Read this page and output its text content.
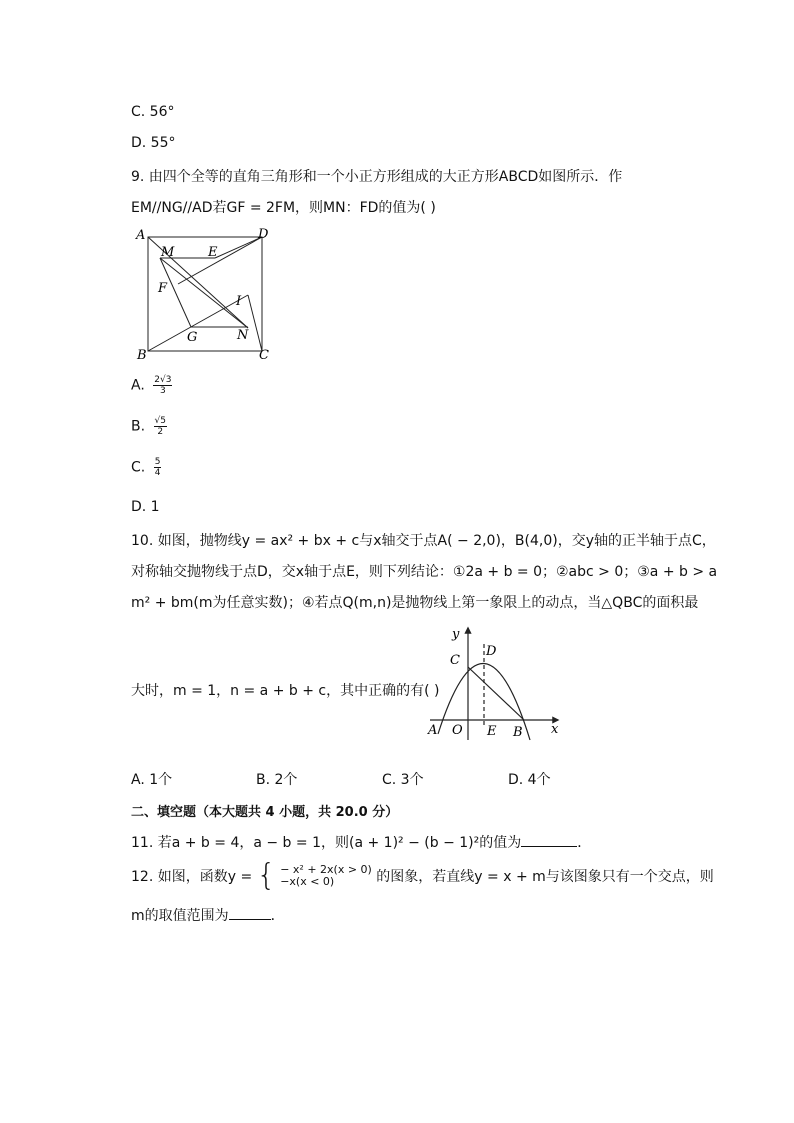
C. 56°
D. 55°
9. 由四个全等的直角三角形和一个小正方形组成的大正方形ABCD如图所示．作
EM//NG//AD若GF = 2FM，则MN：FD的值为( )
A	D
B	C
M	E
F
I
G	N
A. $\frac{2√3}{3}$
B. $\frac{√5}{2}$
C. $\frac{5}{4}$
D. 1
10. 如图，抛物线y = ax² + bx + c与x轴交于点A( − 2,0)，B(4,0)，交y轴的正半轴于点C，
对称轴交抛物线于点D，交x轴于点E，则下列结论：①2a + b = 0；②abc > 0；③a + b > a
m² + bm(m为任意实数)；④若点Q(m,n)是抛物线上第一象限上的动点，当△QBC的面积最
大时，m = 1，n = a + b + c，其中正确的有( )
y
x
C
D
A O E B
A. 1个	B. 2个	C. 3个	D. 4个
二、填空题（本大题共 4 小题，共 20.0 分）
11. 若a + b = 4，a − b = 1，则(a + 1)² − (b − 1)²的值为	．
12. 如图，函数y = { − x² + 2x(x > 0)
−x(x < 0)	的图象，若直线y = x + m与该图象只有一个交点，则
m的取值范围为	．
